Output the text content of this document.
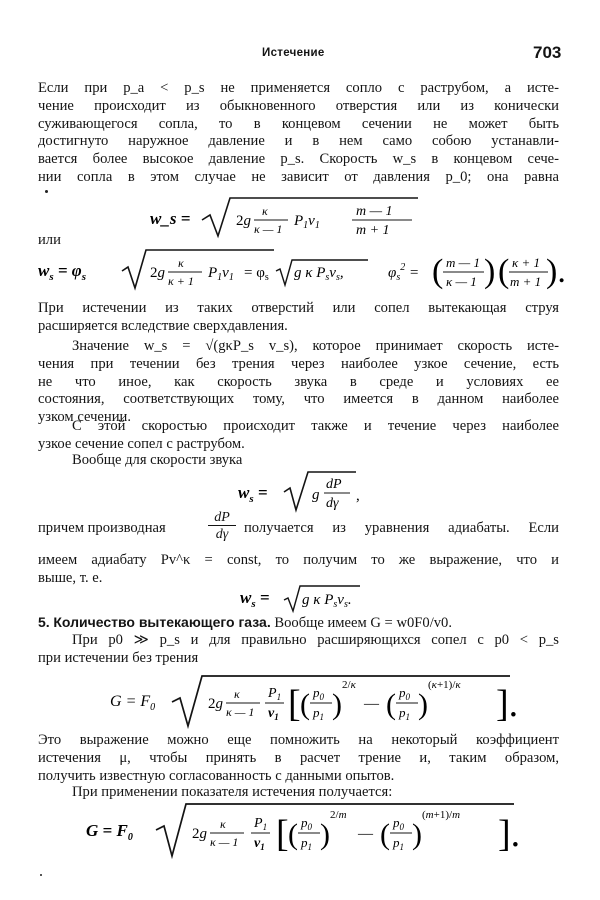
Истечение	703
Если при p_a < p_s не применяется сопло с раструбом, а исте-
чение происходит из обыкновенного отверстия или из конически
суживающегося сопла, то в концевом сечении не может быть
достигнуто наружное давление и в нем само собою устанавли-
вается более высокое давление p_s. Скорость w_s в концевом сече-
нии сопла в этом случае не зависит от давления p_0; она равна
w_s =	2g
κ
κ — 1 $P_1v_1$
m — 1
m + 1
или
$w_s = \varphi_s$	2g
κ
κ + 1 $P_1v_1 = \varphi_s$ g κ $P_sv_s$,	$\varphi_s^2$ = ( m — 1
κ — 1 ) ( κ + 1
m + 1 ).
При истечении из таких отверстий или сопел вытекающая струя
расширяется вследствие сверхдавления.
Значение w_s = √(gκP_s v_s), которое принимает скорость исте-
чения при течении без трения через наиболее узкое сечение, есть
не что иное, как скорость звука в среде и условиях ее
состояния, соответствующих тому, что имеется в данном наиболее
узком сечении.
С этой скоростью происходит также и течение через наиболее
узкое сечение сопел с раструбом.
Вообще для скорости звука
$w_s$ =	g
dP
dγ ,
причем производная
dP
dγ	получается из уравнения адиабаты. Если
имеем адиабату Pv^κ = const, то получим то же выражение, что и
выше, т. е.
$w_s = g$ κ $P_sv_s$.
5. Количество вытекающего газа. Вообще имеем G = w0F0/v0.
При p0 ≫ p_s и для правильно расширяющихся сопел с p0 < p_s
при истечении без трения
$G = F_0$	2g
κ
κ — 1
$P_1$
$v_1$ [ ( $p_0$
$p_1$ )
2/κ
— ( $p_0$
$p_1$ )
(κ+1)/κ ].
Это выражение можно еще помножить на некоторый коэффициент
истечения μ, чтобы принять в расчет трение и, таким образом,
получить известную согласованность с данными опытов.
При применении показателя истечения получается:
$G = F_0$	2g
κ
κ — 1
$P_1$
$v_1$ [ ( $p_0$
$p_1$ )
2/m
— ( $p_0$
$p_1$ )
(m+1)/m ].
